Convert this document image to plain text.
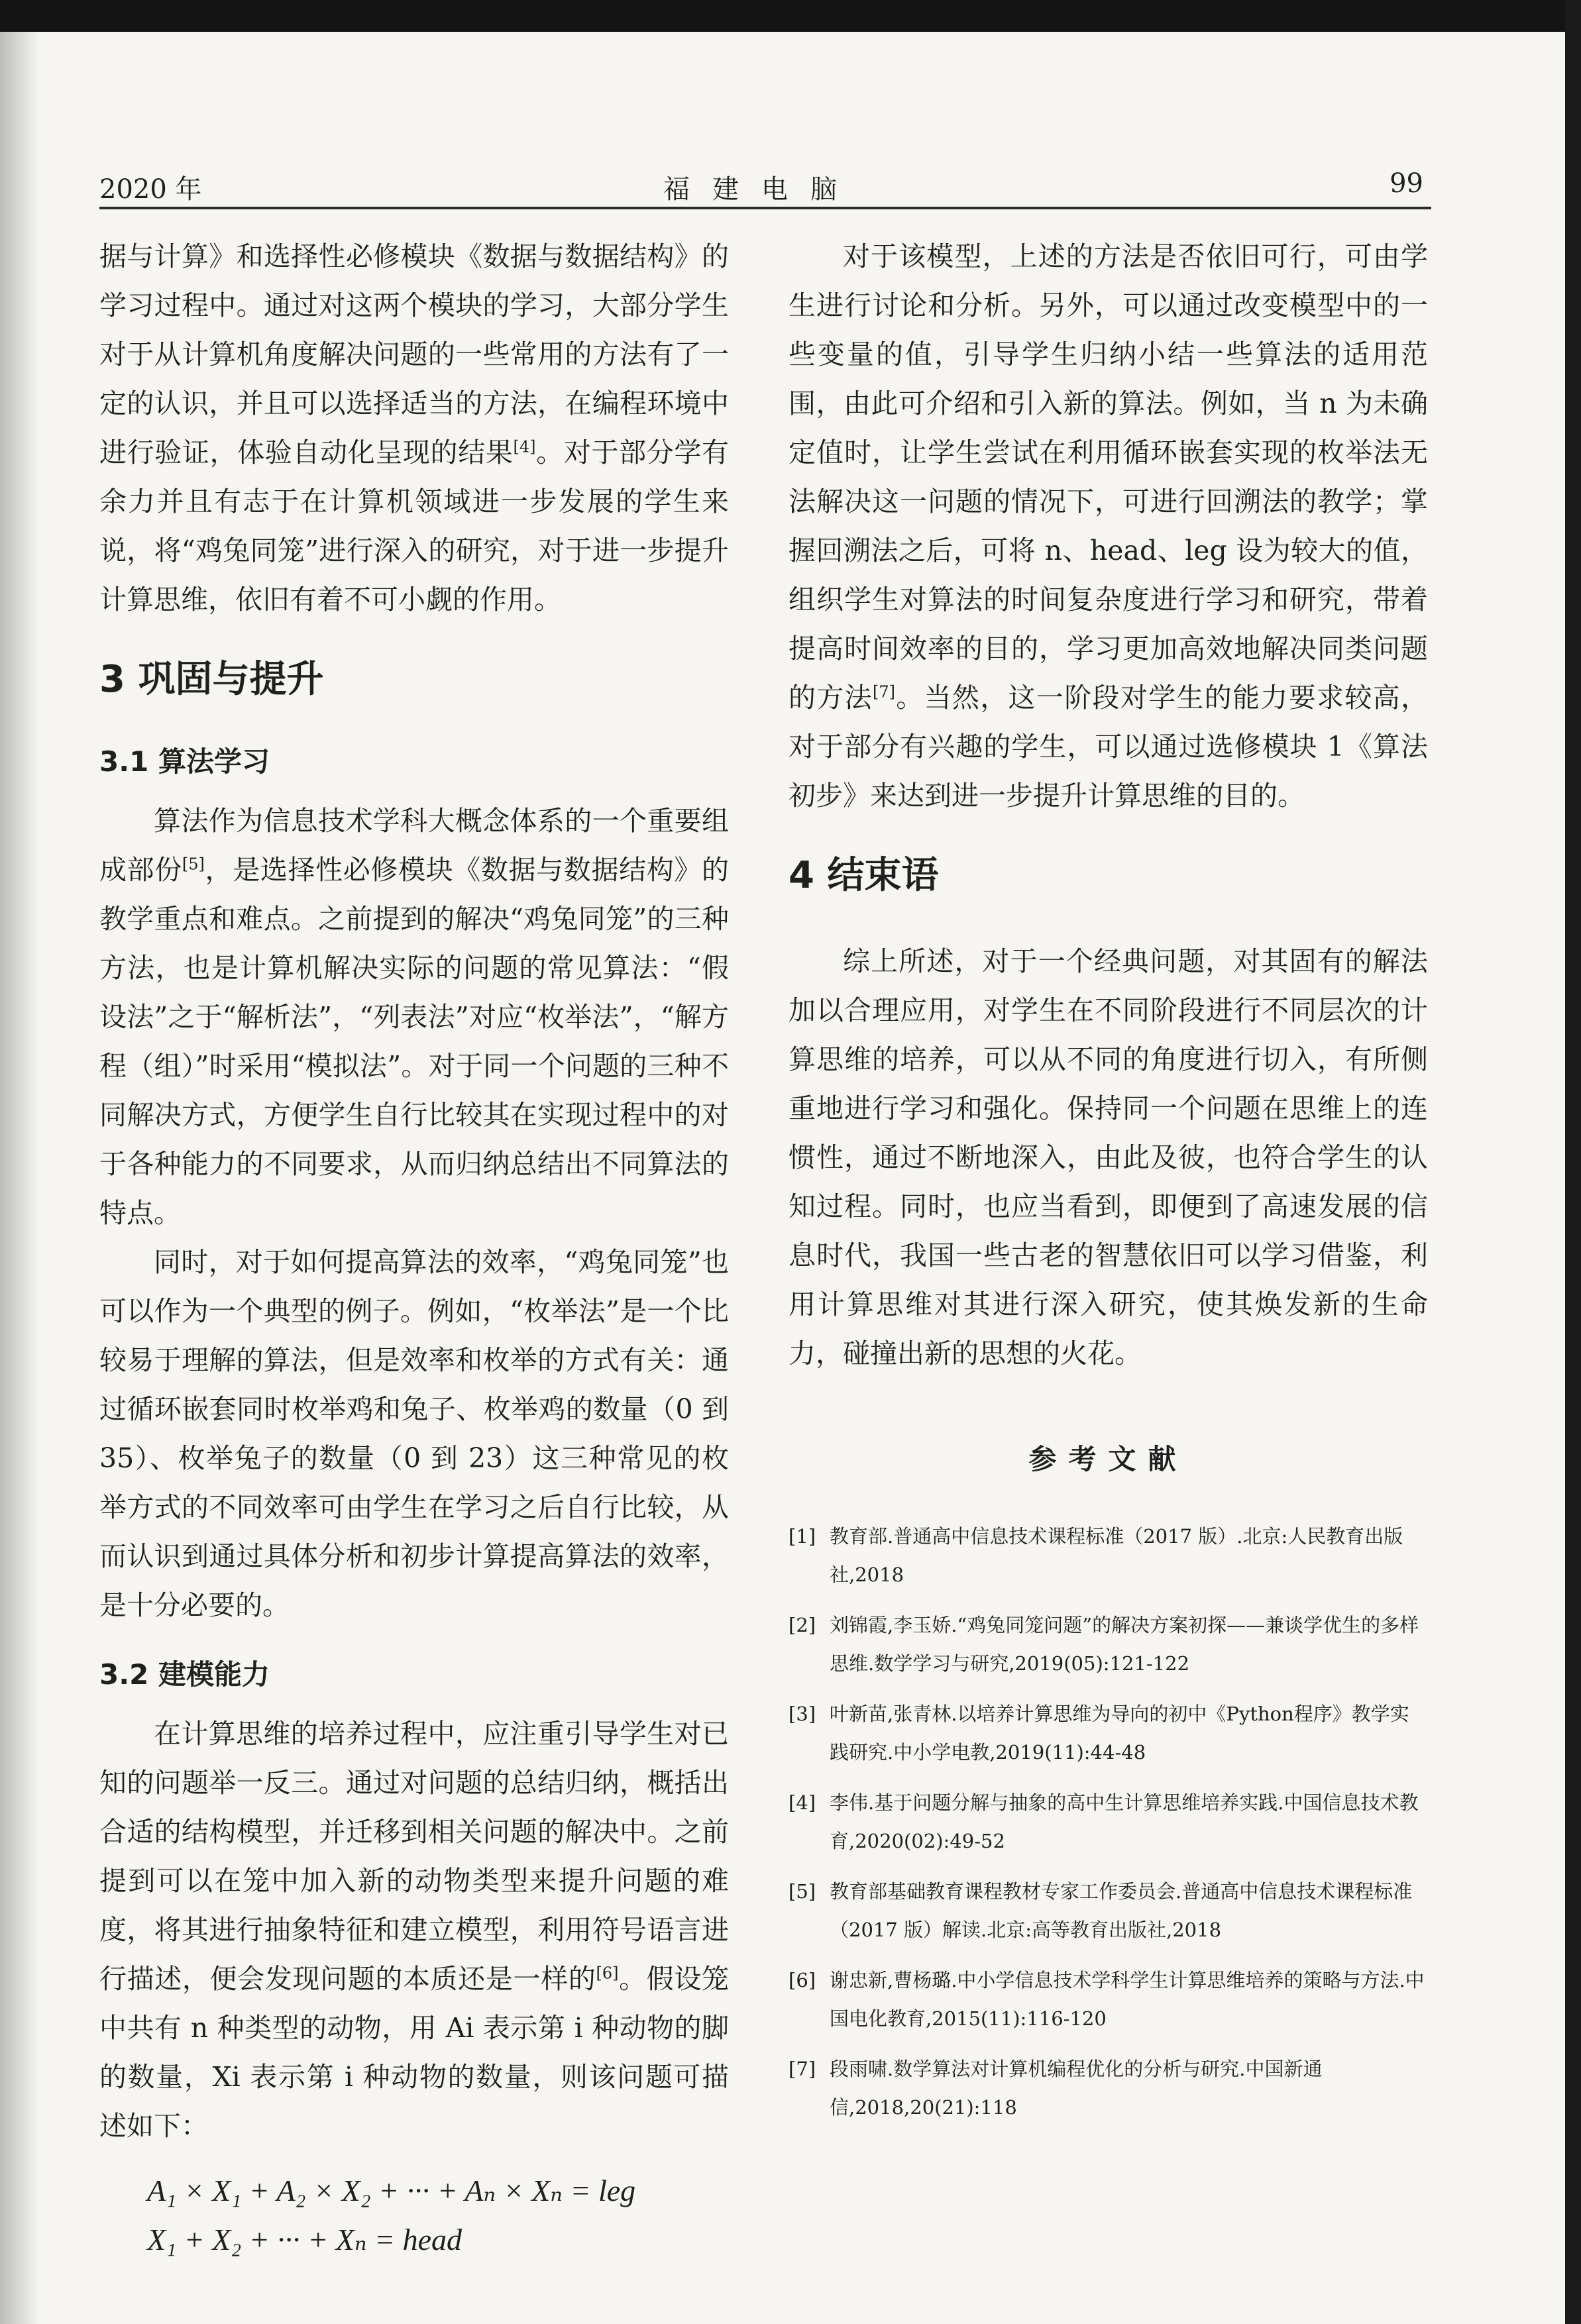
2020 年	福建电脑	99

据与计算》和选择性必修模块《数据与数据结构》的学习过程中。通过对这两个模块的学习，大部分学生对于从计算机角度解决问题的一些常用的方法有了一定的认识，并且可以选择适当的方法，在编程环境中进行验证，体验自动化呈现的结果[4]。对于部分学有余力并且有志于在计算机领域进一步发展的学生来说，将“鸡兔同笼”进行深入的研究，对于进一步提升计算思维，依旧有着不可小觑的作用。

3 巩固与提升
3.1 算法学习

算法作为信息技术学科大概念体系的一个重要组成部份[5]，是选择性必修模块《数据与数据结构》的教学重点和难点。之前提到的解决“鸡兔同笼”的三种方法，也是计算机解决实际的问题的常见算法：“假设法”之于“解析法”，“列表法”对应“枚举法”，“解方程（组）”时采用“模拟法”。对于同一个问题的三种不同解决方式，方便学生自行比较其在实现过程中的对于各种能力的不同要求，从而归纳总结出不同算法的特点。

同时，对于如何提高算法的效率，“鸡兔同笼”也可以作为一个典型的例子。例如，“枚举法”是一个比较易于理解的算法，但是效率和枚举的方式有关：通过循环嵌套同时枚举鸡和兔子、枚举鸡的数量（0 到 35）、枚举兔子的数量（0 到 23）这三种常见的枚举方式的不同效率可由学生在学习之后自行比较，从而认识到通过具体分析和初步计算提高算法的效率，是十分必要的。

3.2 建模能力

在计算思维的培养过程中，应注重引导学生对已知的问题举一反三。通过对问题的总结归纳，概括出合适的结构模型，并迁移到相关问题的解决中。之前提到可以在笼中加入新的动物类型来提升问题的难度，将其进行抽象特征和建立模型，利用符号语言进行描述，便会发现问题的本质还是一样的[6]。假设笼中共有 n 种类型的动物，用 Ai 表示第 i 种动物的脚的数量，Xi 表示第 i 种动物的数量，则该问题可描述如下：

A₁ × X₁ + A₂ × X₂ + ··· + Aₙ × Xₙ = leg
X₁ + X₂ + ··· + Xₙ = head

对于该模型，上述的方法是否依旧可行，可由学生进行讨论和分析。另外，可以通过改变模型中的一些变量的值，引导学生归纳小结一些算法的适用范围，由此可介绍和引入新的算法。例如，当 n 为未确定值时，让学生尝试在利用循环嵌套实现的枚举法无法解决这一问题的情况下，可进行回溯法的教学；掌握回溯法之后，可将 n、head、leg 设为较大的值，组织学生对算法的时间复杂度进行学习和研究，带着提高时间效率的目的，学习更加高效地解决同类问题的方法[7]。当然，这一阶段对学生的能力要求较高，对于部分有兴趣的学生，可以通过选修模块 1《算法初步》来达到进一步提升计算思维的目的。

4 结束语

综上所述，对于一个经典问题，对其固有的解法加以合理应用，对学生在不同阶段进行不同层次的计算思维的培养，可以从不同的角度进行切入，有所侧重地进行学习和强化。保持同一个问题在思维上的连惯性，通过不断地深入，由此及彼，也符合学生的认知过程。同时，也应当看到，即便到了高速发展的信息时代，我国一些古老的智慧依旧可以学习借鉴，利用计算思维对其进行深入研究，使其焕发新的生命力，碰撞出新的思想的火花。

参考文献
[1] 教育部.普通高中信息技术课程标准（2017 版）.北京:人民教育出版社,2018
[2] 刘锦霞,李玉娇.“鸡兔同笼问题”的解决方案初探——兼谈学优生的多样思维.数学学习与研究,2019(05):121-122
[3] 叶新苗,张青林.以培养计算思维为导向的初中《Python程序》教学实践研究.中小学电教,2019(11):44-48
[4] 李伟.基于问题分解与抽象的高中生计算思维培养实践.中国信息技术教育,2020(02):49-52
[5] 教育部基础教育课程教材专家工作委员会.普通高中信息技术课程标准（2017 版）解读.北京:高等教育出版社,2018
[6] 谢忠新,曹杨璐.中小学信息技术学科学生计算思维培养的策略与方法.中国电化教育,2015(11):116-120
[7] 段雨啸.数学算法对计算机编程优化的分析与研究.中国新通信,2018,20(21):118
